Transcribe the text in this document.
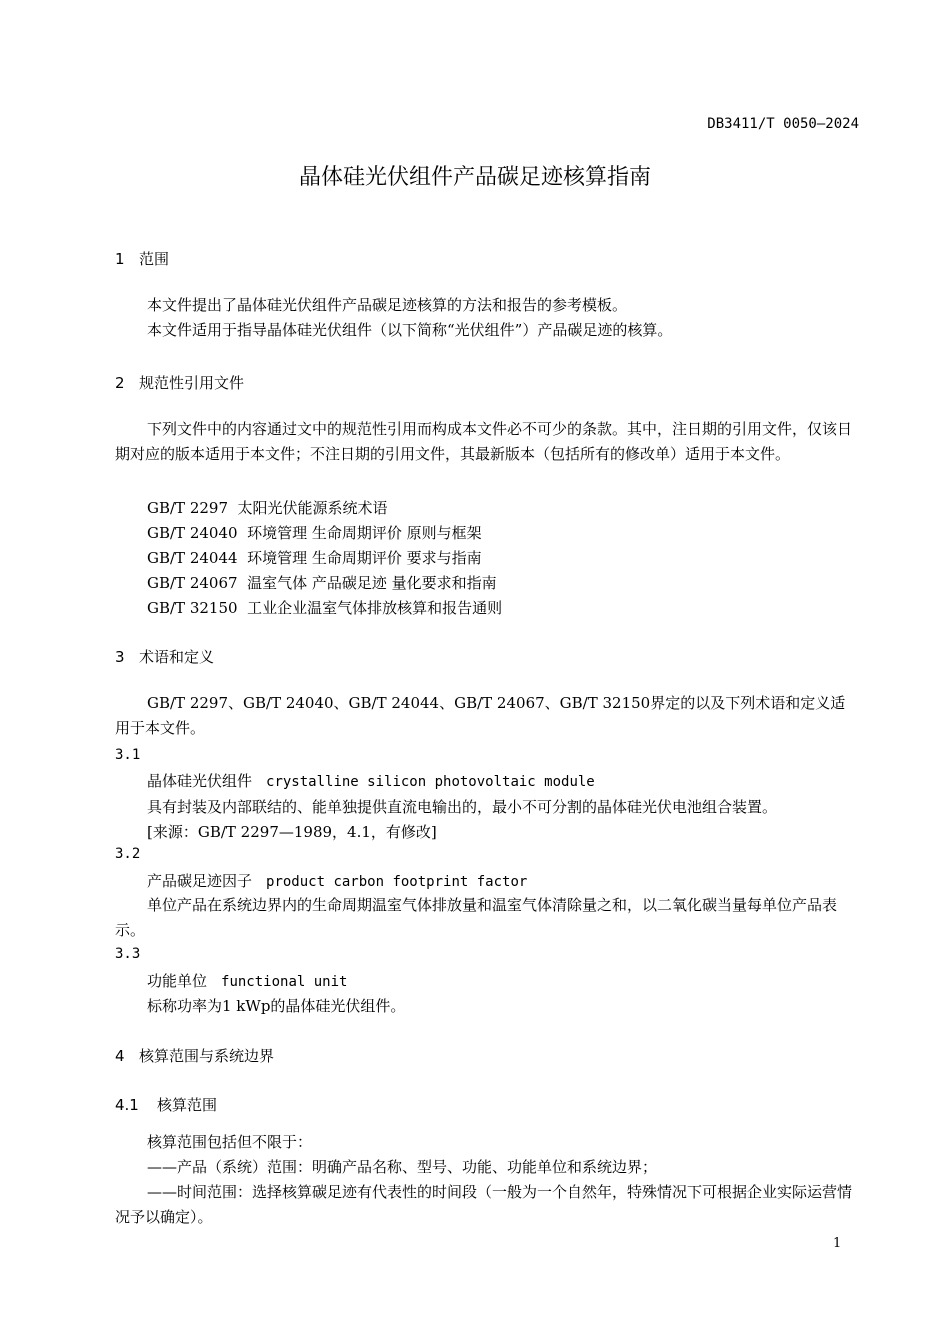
DB3411/T 0050—2024
晶体硅光伏组件产品碳足迹核算指南
1 范围
本文件提出了晶体硅光伏组件产品碳足迹核算的方法和报告的参考模板。
本文件适用于指导晶体硅光伏组件（以下简称“光伏组件”）产品碳足迹的核算。
2 规范性引用文件
下列文件中的内容通过文中的规范性引用而构成本文件必不可少的条款。其中，注日期的引用文件，仅该日期对应的版本适用于本文件；不注日期的引用文件，其最新版本（包括所有的修改单）适用于本文件。
GB/T 2297  太阳光伏能源系统术语
GB/T 24040  环境管理 生命周期评价 原则与框架
GB/T 24044  环境管理 生命周期评价 要求与指南
GB/T 24067  温室气体 产品碳足迹 量化要求和指南
GB/T 32150  工业企业温室气体排放核算和报告通则
3 术语和定义
GB/T 2297、GB/T 24040、GB/T 24044、GB/T 24067、GB/T 32150界定的以及下列术语和定义适用于本文件。
3.1
晶体硅光伏组件 crystalline silicon photovoltaic module
具有封装及内部联结的、能单独提供直流电输出的，最小不可分割的晶体硅光伏电池组合装置。
[来源：GB/T 2297—1989，4.1，有修改]
3.2
产品碳足迹因子 product carbon footprint factor
单位产品在系统边界内的生命周期温室气体排放量和温室气体清除量之和，以二氧化碳当量每单位产品表示。
3.3
功能单位 functional unit
标称功率为1 kWp的晶体硅光伏组件。
4 核算范围与系统边界
4.1 核算范围
核算范围包括但不限于：
——产品（系统）范围：明确产品名称、型号、功能、功能单位和系统边界；
——时间范围：选择核算碳足迹有代表性的时间段（一般为一个自然年，特殊情况下可根据企业实际运营情况予以确定）。
1
